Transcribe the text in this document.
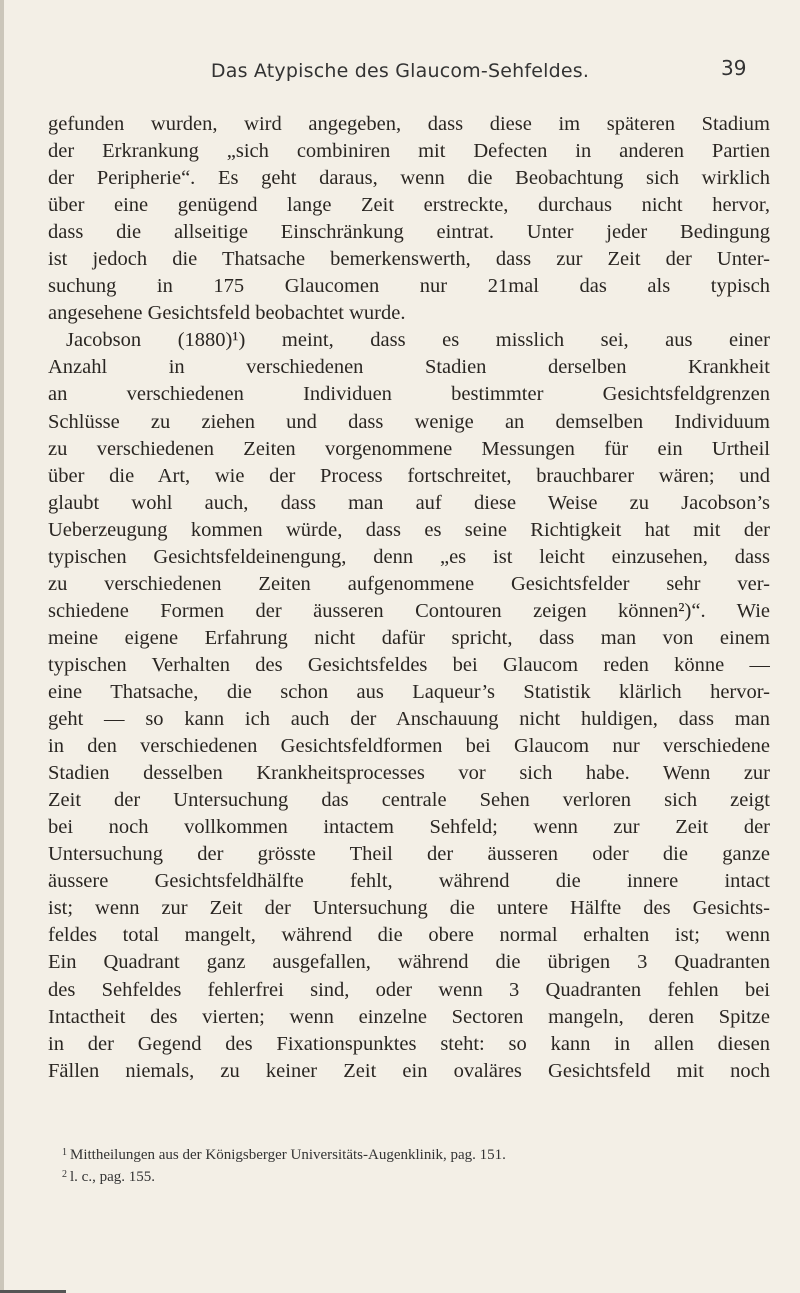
Das Atypische des Glaucom-Sehfeldes.	39
gefunden wurden, wird angegeben, dass diese im späteren Stadium
der Erkrankung „sich combiniren mit Defecten in anderen Partien
der Peripherie“. Es geht daraus, wenn die Beobachtung sich wirklich
über eine genügend lange Zeit erstreckte, durchaus nicht hervor,
dass die allseitige Einschränkung eintrat. Unter jeder Bedingung
ist jedoch die Thatsache bemerkenswerth, dass zur Zeit der Unter-
suchung in 175 Glaucomen nur 21mal das als typisch
angesehene Gesichtsfeld beobachtet wurde.
Jacobson (1880)¹) meint, dass es misslich sei, aus einer
Anzahl in verschiedenen Stadien derselben Krankheit
an verschiedenen Individuen bestimmter Gesichtsfeldgrenzen
Schlüsse zu ziehen und dass wenige an demselben Individuum
zu verschiedenen Zeiten vorgenommene Messungen für ein Urtheil
über die Art, wie der Process fortschreitet, brauchbarer wären; und
glaubt wohl auch, dass man auf diese Weise zu Jacobson’s
Ueberzeugung kommen würde, dass es seine Richtigkeit hat mit der
typischen Gesichtsfeldeinengung, denn „es ist leicht einzusehen, dass
zu verschiedenen Zeiten aufgenommene Gesichtsfelder sehr ver-
schiedene Formen der äusseren Contouren zeigen können²)“. Wie
meine eigene Erfahrung nicht dafür spricht, dass man von einem
typischen Verhalten des Gesichtsfeldes bei Glaucom reden könne —
eine Thatsache, die schon aus Laqueur’s Statistik klärlich hervor-
geht — so kann ich auch der Anschauung nicht huldigen, dass man
in den verschiedenen Gesichtsfeldformen bei Glaucom nur verschiedene
Stadien desselben Krankheitsprocesses vor sich habe. Wenn zur
Zeit der Untersuchung das centrale Sehen verloren sich zeigt
bei noch vollkommen intactem Sehfeld; wenn zur Zeit der
Untersuchung der grösste Theil der äusseren oder die ganze
äussere Gesichtsfeldhälfte fehlt, während die innere intact
ist; wenn zur Zeit der Untersuchung die untere Hälfte des Gesichts-
feldes total mangelt, während die obere normal erhalten ist; wenn
Ein Quadrant ganz ausgefallen, während die übrigen 3 Quadranten
des Sehfeldes fehlerfrei sind, oder wenn 3 Quadranten fehlen bei
Intactheit des vierten; wenn einzelne Sectoren mangeln, deren Spitze
in der Gegend des Fixationspunktes steht: so kann in allen diesen
Fällen niemals, zu keiner Zeit ein ovaläres Gesichtsfeld mit noch
$^1$ Mittheilungen aus der Königsberger Universitäts-Augenklinik, pag. 151.
$^2$ l. c., pag. 155.
